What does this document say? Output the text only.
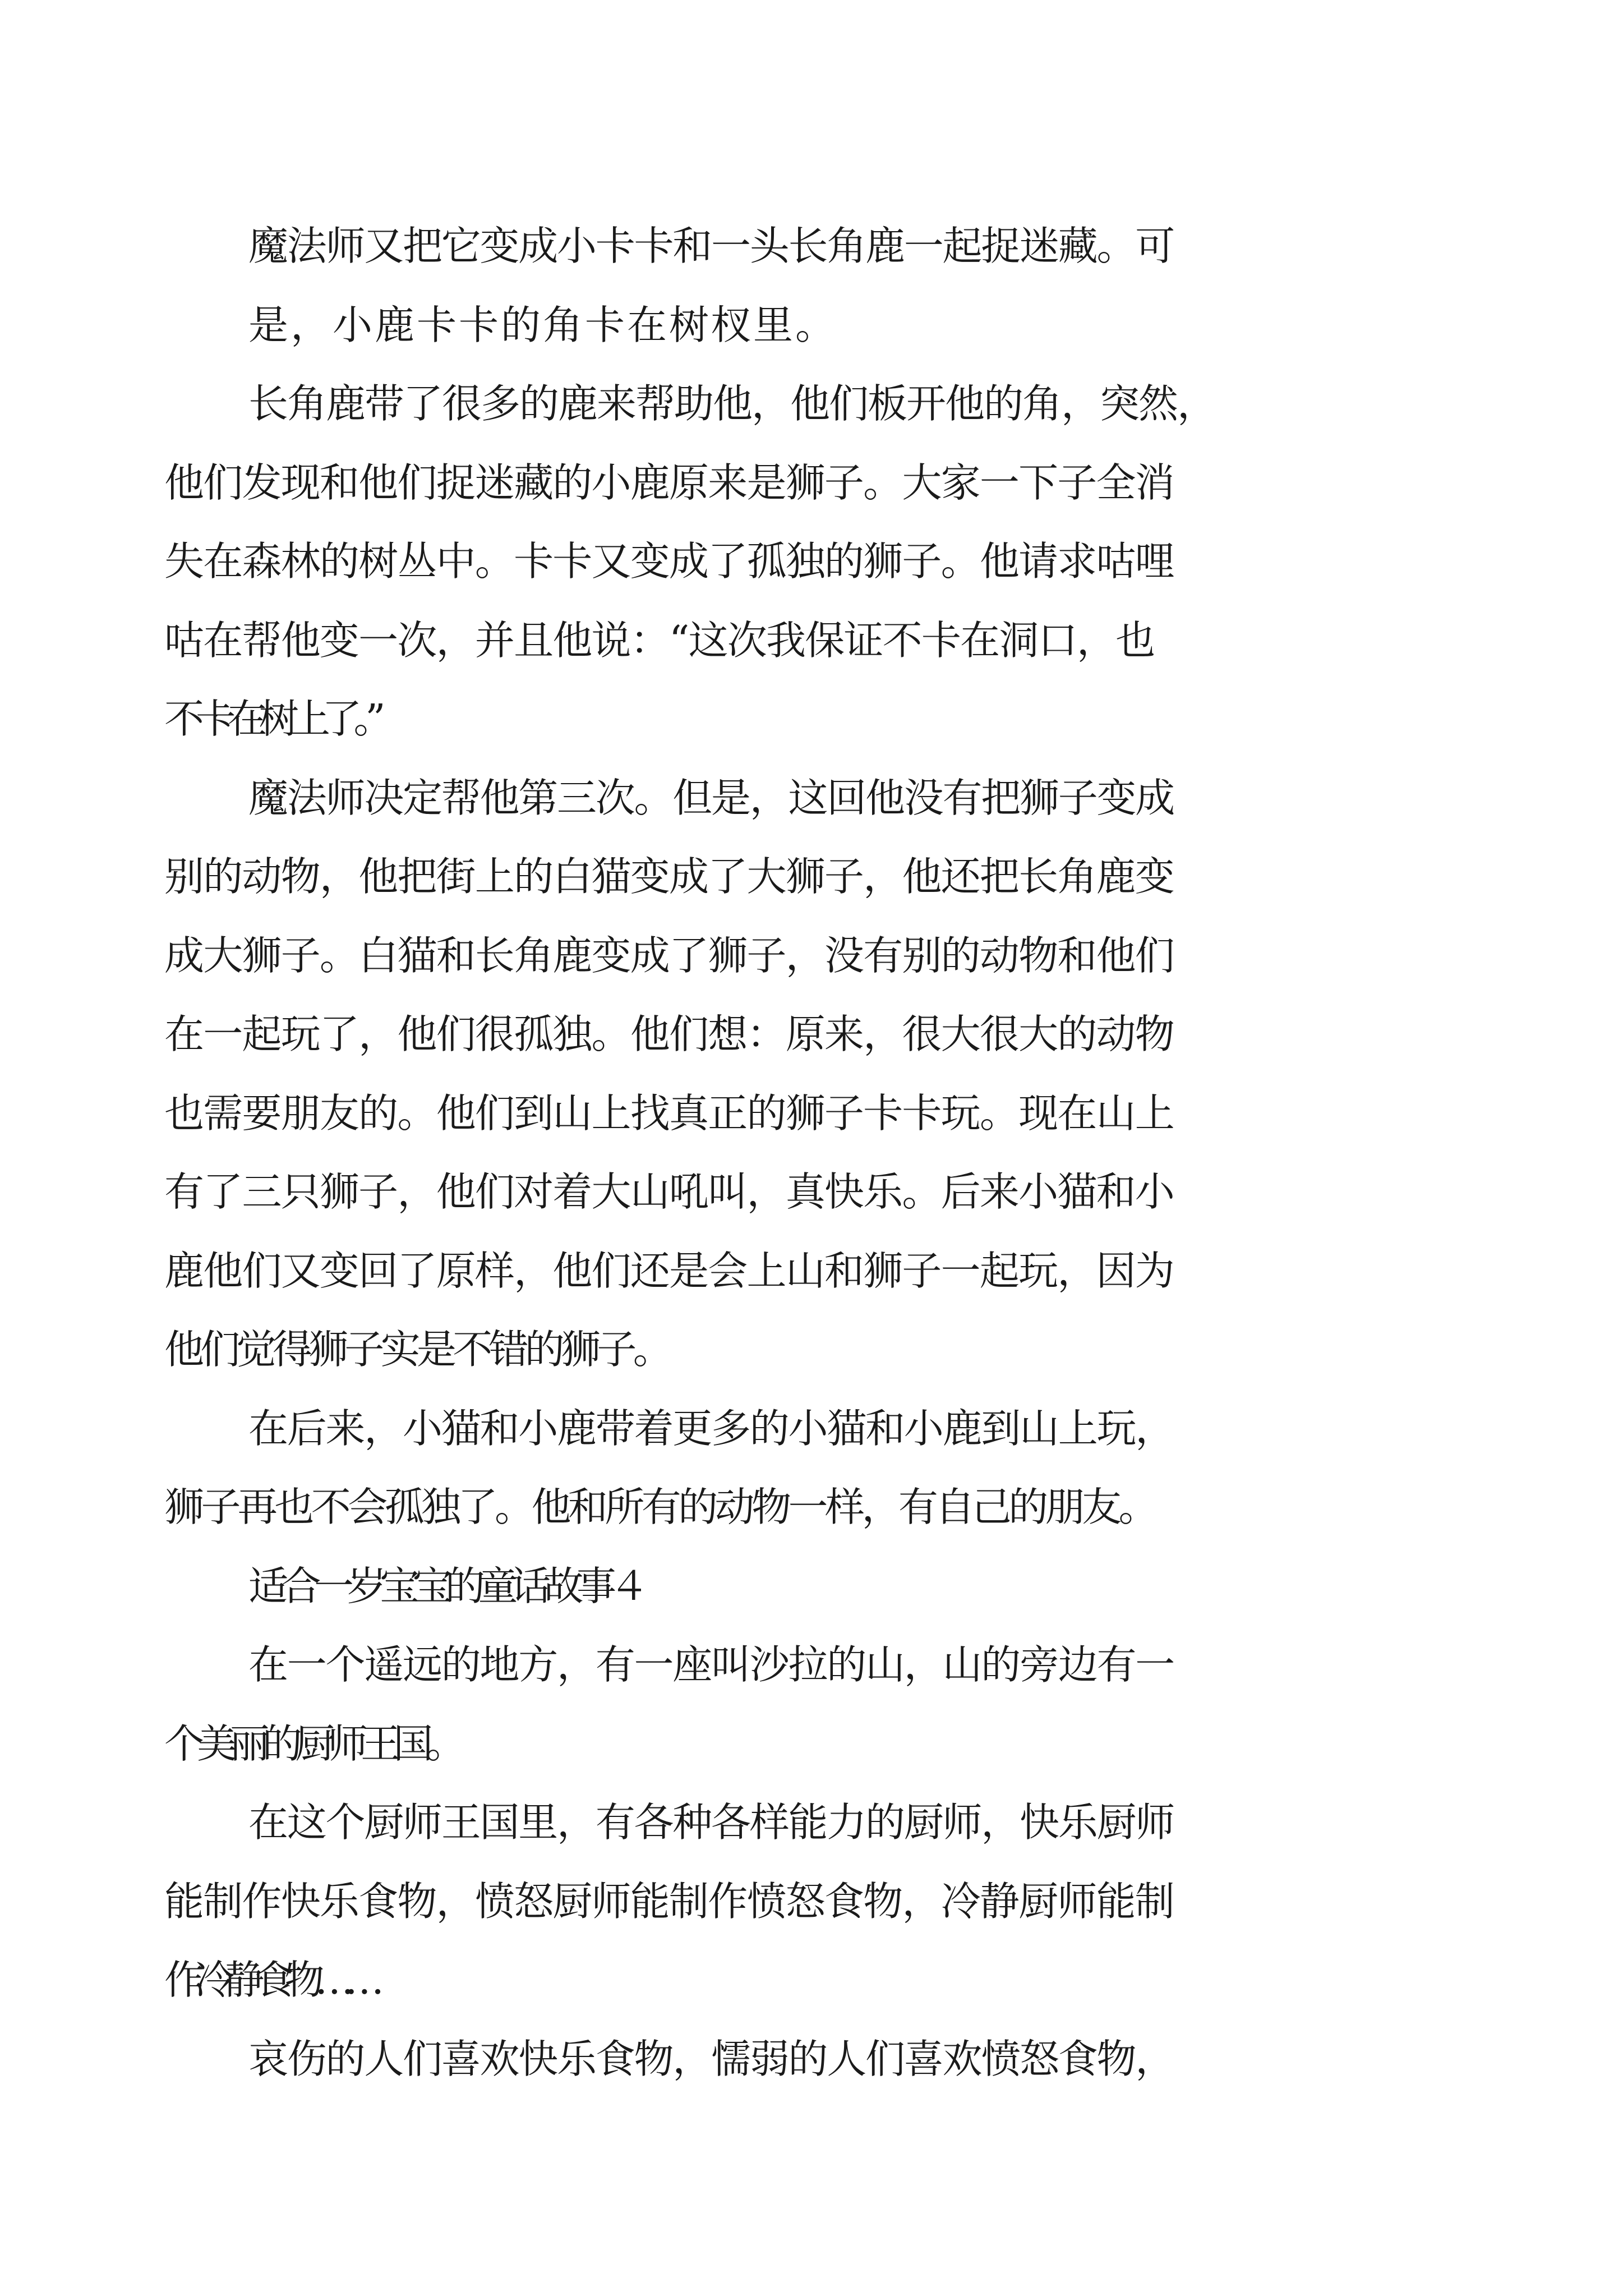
魔法师又把它变成小卡卡和一头长角鹿一起捉迷藏。可
是，小鹿卡卡的角卡在树杈里。

长角鹿带了很多的鹿来帮助他，他们板开他的角，突然，
他们发现和他们捉迷藏的小鹿原来是狮子。大家一下子全消
失在森林的树丛中。卡卡又变成了孤独的狮子。他请求咕哩
咕在帮他变一次，并且他说：“这次我保证不卡在洞口，也
不卡在树上了。”

魔法师决定帮他第三次。但是，这回他没有把狮子变成
别的动物，他把街上的白猫变成了大狮子，他还把长角鹿变
成大狮子。白猫和长角鹿变成了狮子，没有别的动物和他们
在一起玩了，他们很孤独。他们想：原来，很大很大的动物
也需要朋友的。他们到山上找真正的狮子卡卡玩。现在山上
有了三只狮子，他们对着大山吼叫，真快乐。后来小猫和小
鹿他们又变回了原样，他们还是会上山和狮子一起玩，因为
他们觉得狮子实是不错的狮子。

在后来，小猫和小鹿带着更多的小猫和小鹿到山上玩，
狮子再也不会孤独了。他和所有的动物一样，有自己的朋友。

适合一岁宝宝的童话故事４

在一个遥远的地方，有一座叫沙拉的山，山的旁边有一
个美丽的厨师王国。

在这个厨师王国里，有各种各样能力的厨师，快乐厨师
能制作快乐食物，愤怒厨师能制作愤怒食物，冷静厨师能制
作冷静食物……

哀伤的人们喜欢快乐食物，懦弱的人们喜欢愤怒食物，
